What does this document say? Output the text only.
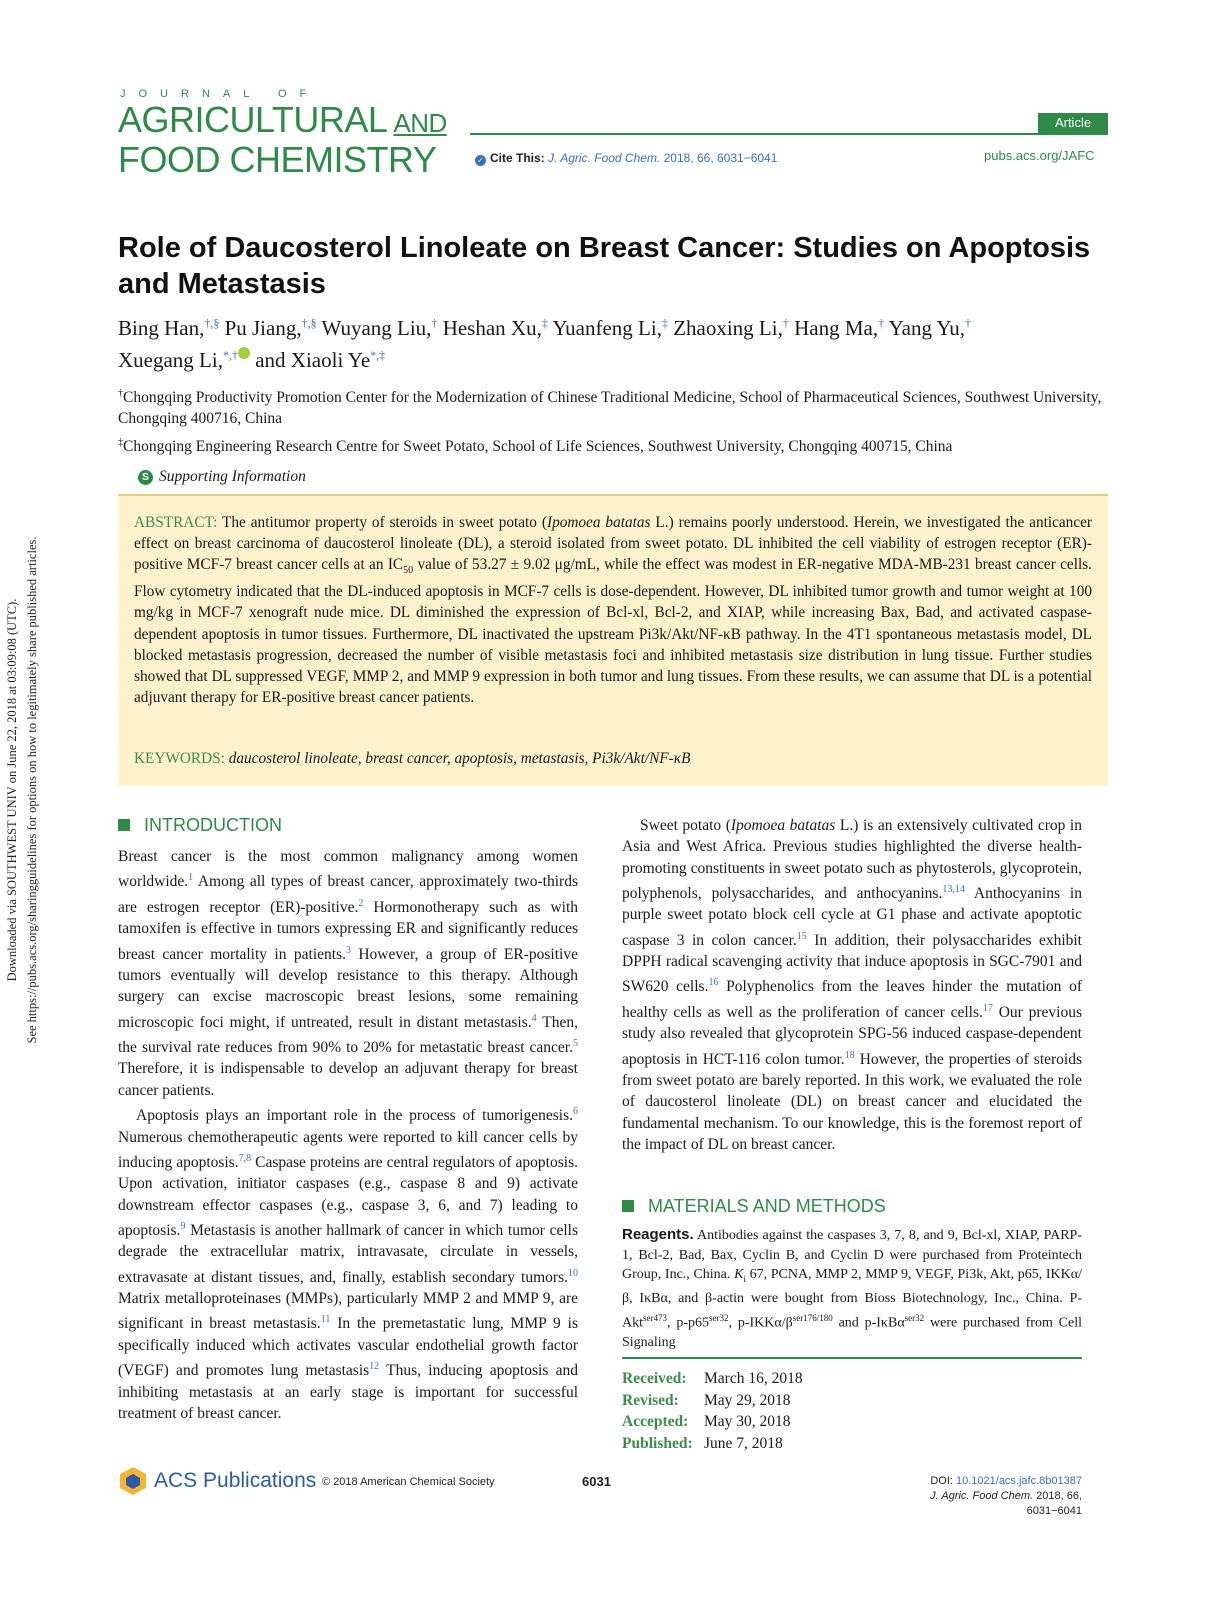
Downloaded via SOUTHWEST UNIV on June 22, 2018 at 03:09:08 (UTC). See https://pubs.acs.org/sharingguidelines for options on how to legitimately share published articles.
JOURNAL OF
AGRICULTURAL AND
FOOD CHEMISTRY
Article
✓ Cite This: J. Agric. Food Chem. 2018, 66, 6031−6041	pubs.acs.org/JAFC
Role of Daucosterol Linoleate on Breast Cancer: Studies on Apoptosis and Metastasis
Bing Han,†,§ Pu Jiang,†,§ Wuyang Liu,† Heshan Xu,‡ Yuanfeng Li,‡ Zhaoxing Li,† Hang Ma,† Yang Yu,†
Xuegang Li,*,† and Xiaoli Ye*,‡
†Chongqing Productivity Promotion Center for the Modernization of Chinese Traditional Medicine, School of Pharmaceutical Sciences, Southwest University, Chongqing 400716, China
‡Chongqing Engineering Research Centre for Sweet Potato, School of Life Sciences, Southwest University, Chongqing 400715, China
S Supporting Information
ABSTRACT: The antitumor property of steroids in sweet potato (Ipomoea batatas L.) remains poorly understood. Herein, we investigated the anticancer effect on breast carcinoma of daucosterol linoleate (DL), a steroid isolated from sweet potato. DL inhibited the cell viability of estrogen receptor (ER)-positive MCF-7 breast cancer cells at an $IC_{50}$ value of 53.27 ± 9.02 μg/mL, while the effect was modest in ER-negative MDA-MB-231 breast cancer cells. Flow cytometry indicated that the DL-induced apoptosis in MCF-7 cells is dose-dependent. However, DL inhibited tumor growth and tumor weight at 100 mg/kg in MCF-7 xenograft nude mice. DL diminished the expression of Bcl-xl, Bcl-2, and XIAP, while increasing Bax, Bad, and activated caspase-dependent apoptosis in tumor tissues. Furthermore, DL inactivated the upstream Pi3k/Akt/NF-κB pathway. In the 4T1 spontaneous metastasis model, DL blocked metastasis progression, decreased the number of visible metastasis foci and inhibited metastasis size distribution in lung tissue. Further studies showed that DL suppressed VEGF, MMP 2, and MMP 9 expression in both tumor and lung tissues. From these results, we can assume that DL is a potential adjuvant therapy for ER-positive breast cancer patients.
KEYWORDS: daucosterol linoleate, breast cancer, apoptosis, metastasis, Pi3k/Akt/NF-κB
INTRODUCTION

Breast cancer is the most common malignancy among women worldwide.$^1$ Among all types of breast cancer, approximately two-thirds are estrogen receptor (ER)-positive.$^2$ Hormonotherapy such as with tamoxifen is effective in tumors expressing ER and significantly reduces breast cancer mortality in patients.$^3$ However, a group of ER-positive tumors eventually will develop resistance to this therapy. Although surgery can excise macroscopic breast lesions, some remaining microscopic foci might, if untreated, result in distant metastasis.$^4$ Then, the survival rate reduces from 90% to 20% for metastatic breast cancer.$^5$ Therefore, it is indispensable to develop an adjuvant therapy for breast cancer patients.

Apoptosis plays an important role in the process of tumorigenesis.$^6$ Numerous chemotherapeutic agents were reported to kill cancer cells by inducing apoptosis.$^{7,8}$ Caspase proteins are central regulators of apoptosis. Upon activation, initiator caspases (e.g., caspase 8 and 9) activate downstream effector caspases (e.g., caspase 3, 6, and 7) leading to apoptosis.$^9$ Metastasis is another hallmark of cancer in which tumor cells degrade the extracellular matrix, intravasate, circulate in vessels, extravasate at distant tissues, and, finally, establish secondary tumors.$^{10}$ Matrix metalloproteinases (MMPs), particularly MMP 2 and MMP 9, are significant in breast metastasis.$^{11}$ In the premetastatic lung, MMP 9 is specifically induced which activates vascular endothelial growth factor (VEGF) and promotes lung metastasis$^{12}$ Thus, inducing apoptosis and inhibiting metastasis at an early stage is important for successful treatment of breast cancer.

Sweet potato (Ipomoea batatas L.) is an extensively cultivated crop in Asia and West Africa. Previous studies highlighted the diverse health-promoting constituents in sweet potato such as phytosterols, glycoprotein, polyphenols, polysaccharides, and anthocyanins.$^{13,14}$ Anthocyanins in purple sweet potato block cell cycle at G1 phase and activate apoptotic caspase 3 in colon cancer.$^{15}$ In addition, their polysaccharides exhibit DPPH radical scavenging activity that induce apoptosis in SGC-7901 and SW620 cells.$^{16}$ Polyphenolics from the leaves hinder the mutation of healthy cells as well as the proliferation of cancer cells.$^{17}$ Our previous study also revealed that glycoprotein SPG-56 induced caspase-dependent apoptosis in HCT-116 colon tumor.$^{18}$ However, the properties of steroids from sweet potato are barely reported. In this work, we evaluated the role of daucosterol linoleate (DL) on breast cancer and elucidated the fundamental mechanism. To our knowledge, this is the foremost report of the impact of DL on breast cancer.

MATERIALS AND METHODS
Reagents. Antibodies against the caspases 3, 7, 8, and 9, Bcl-xl, XIAP, PARP-1, Bcl-2, Bad, Bax, Cyclin B, and Cyclin D were purchased from Proteintech Group, Inc., China. $K_i$ 67, PCNA, MMP 2, MMP 9, VEGF, Pi3k, Akt, p65, IKKα/β, IκBα, and β-actin were bought from Bioss Biotechnology, Inc., China. P-Akt$^{ser473}$, $p-p65^{ser32}$, $p-IKK\alpha/\beta^{ser176/180}$ and p-IκBα$^{ser32}$ were purchased from Cell Signaling
Received: March 16, 2018
Revised: May 29, 2018
Accepted: May 30, 2018
Published: June 7, 2018
ACS Publications © 2018 American Chemical Society	6031	DOI: 10.1021/acs.jafc.8b01387
J. Agric. Food Chem. 2018, 66, 6031−6041
